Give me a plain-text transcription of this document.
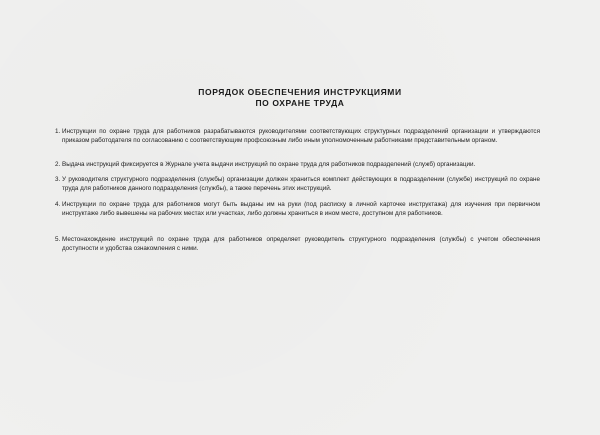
ПОРЯДОК ОБЕСПЕЧЕНИЯ ИНСТРУКЦИЯМИ
ПО ОХРАНЕ ТРУДА
1. Инструкции по охране труда для работников разрабатываются руководителями соответствующих структурных подразделений организации и утверждаются приказом работодателя по согласованию с соответствующим профсоюзным либо иным уполномоченным работниками представительным органом.
2. Выдача инструкций фиксируется в Журнале учета выдачи инструкций по охране труда для работников подразделений (служб) организации.
3. У руководителя структурного подразделения (службы) организации должен храниться комплект действующих в подразделении (службе) инструкций по охране труда для работников данного подразделения (службы), а также перечень этих инструкций.
4. Инструкции по охране труда для работников могут быть выданы им на руки (под расписку в личной карточке инструктажа) для изучения при первичном инструктаже либо вывешены на рабочих местах или участках, либо должны храниться в ином месте, доступном для работников.
5. Местонахождение инструкций по охране труда для работников определяет руководитель структурного подразделения (службы) с учетом обеспечения доступности и удобства ознакомления с ними.
